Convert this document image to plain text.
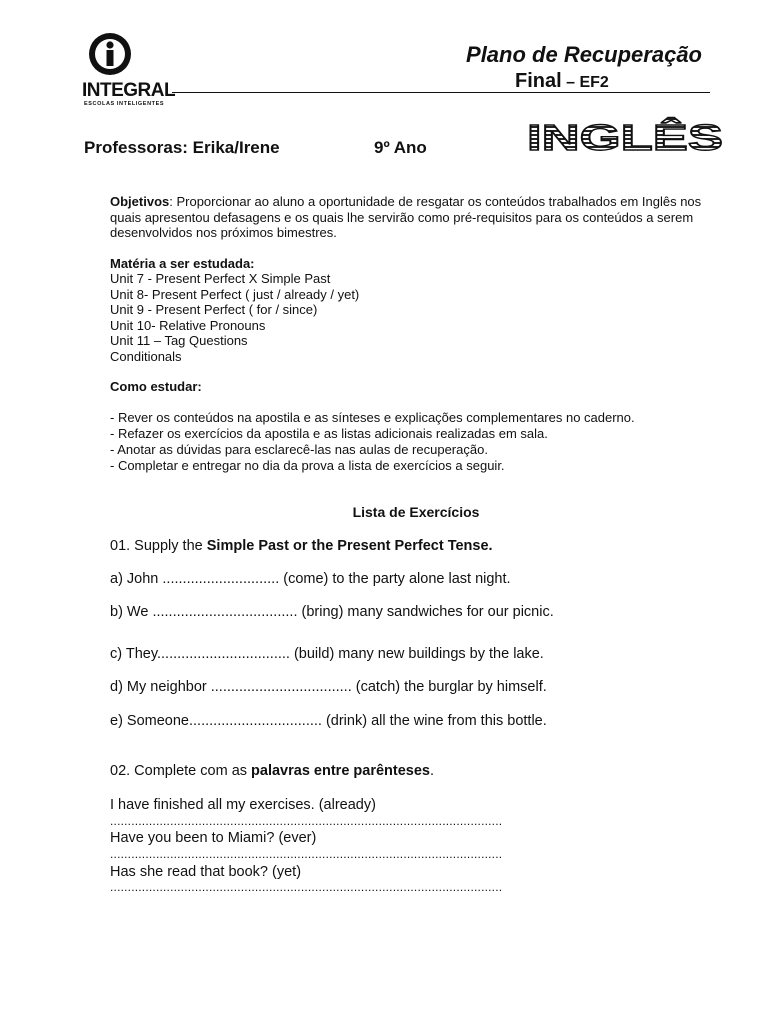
INTEGRAL
ESCOLAS INTELIGENTES
Plano de Recuperação
Final – EF2
Professoras: Erika/Irene	9º Ano	INGLÊS
Objetivos: Proporcionar ao aluno a oportunidade de resgatar os conteúdos trabalhados em Inglês nos quais apresentou defasagens e os quais lhe servirão como pré-requisitos para os conteúdos a serem desenvolvidos nos próximos bimestres.
Matéria a ser estudada:
Unit 7 - Present Perfect X Simple Past
Unit 8- Present Perfect ( just / already / yet)
Unit 9 - Present Perfect ( for / since)
Unit 10- Relative Pronouns
Unit 11 – Tag Questions
Conditionals
Como estudar:
- Rever os conteúdos na apostila e as sínteses e explicações complementares no caderno.
- Refazer os exercícios da apostila e as listas adicionais realizadas em sala.
- Anotar as dúvidas para esclarecê-las nas aulas de recuperação.
- Completar e entregar no dia da prova a lista de exercícios a seguir.
Lista de Exercícios
01. Supply the Simple Past or the Present Perfect Tense.
a) John ............................. (come) to the party alone last night.
b) We .................................... (bring) many sandwiches for our picnic.
c) They................................. (build) many new buildings by the lake.
d) My neighbor ................................... (catch) the burglar by himself.
e) Someone................................. (drink) all the wine from this bottle.
02. Complete com as palavras entre parênteses.
I have finished all my exercises. (already)
...............................................................................................................
Have you been to Miami? (ever)
...............................................................................................................
Has she read that book? (yet)
...............................................................................................................
